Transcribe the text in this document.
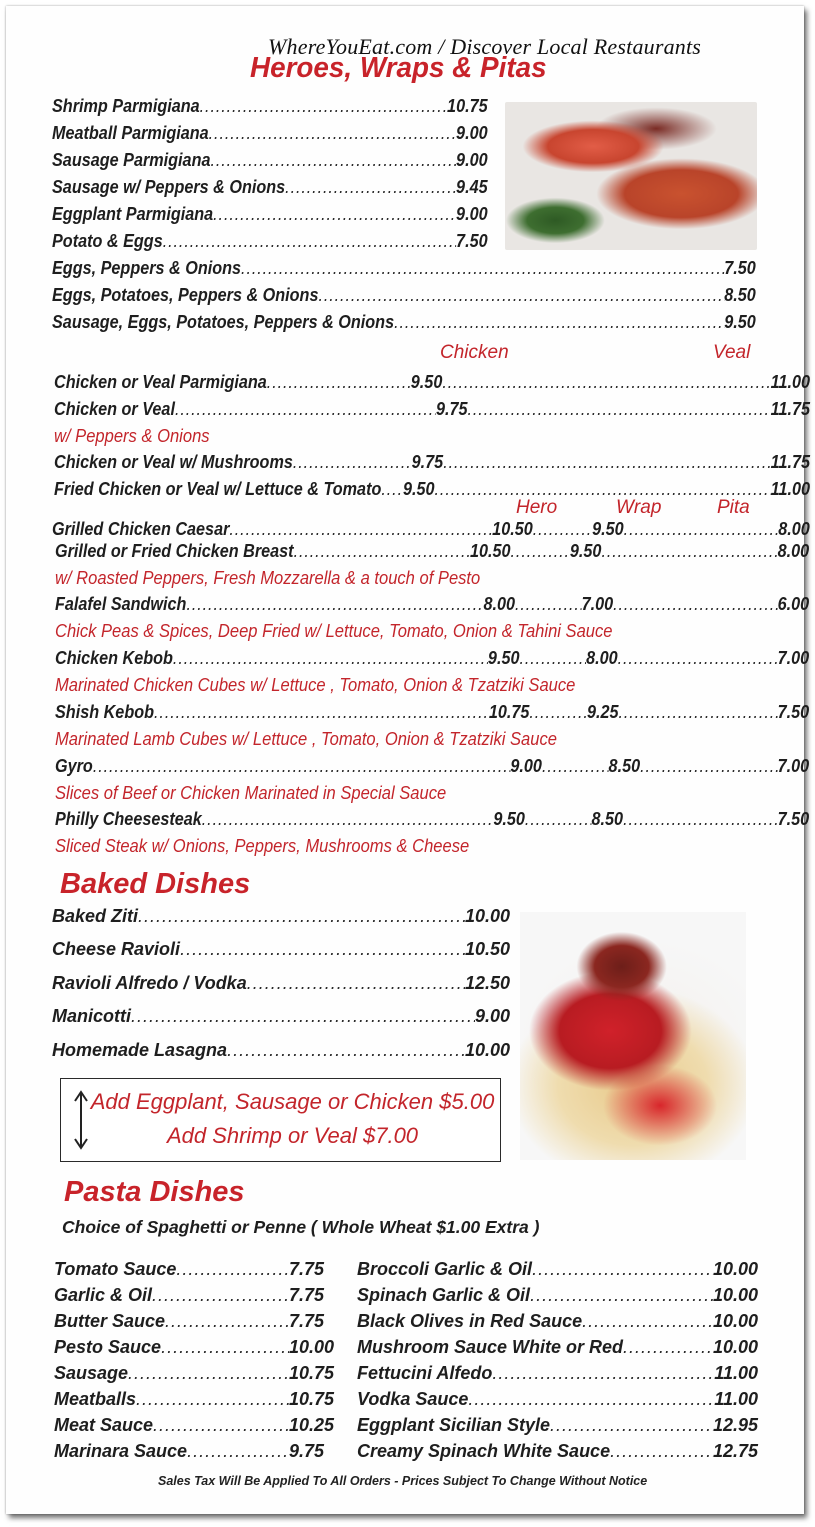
WhereYouEat.com / Discover Local Restaurants
Heroes, Wraps & Pitas
Shrimp Parmigiana .....	10.75
Meatball Parmigiana .....	9.00
Sausage Parmigiana .....	9.00
Sausage w/ Peppers & Onions .....	9.45
Eggplant Parmigiana .....	9.00
Potato & Eggs .....	7.50
Eggs, Peppers & Onions .....	7.50
Eggs, Potatoes, Peppers & Onions .....	8.50
Sausage, Eggs, Potatoes, Peppers & Onions .....	9.50
Chicken	Veal
Chicken or Veal Parmigiana .....	9.50 .....	11.00
Chicken or Veal .....	9.75 .....	11.75
w/ Peppers & Onions
Chicken or Veal w/ Mushrooms .....	9.75 .....	11.75
Fried Chicken or Veal w/ Lettuce & Tomato ..... 9.50 .....	11.00
Hero	Wrap	Pita
Grilled Chicken Caesar .....	10.50 .....	9.50 .....	8.00
Grilled or Fried Chicken Breast .....	10.50 .....	9.50 .....	8.00
w/ Roasted Peppers, Fresh Mozzarella & a touch of Pesto
Falafel Sandwich .....	8.00 .....	7.00 .....	6.00
Chick Peas & Spices, Deep Fried w/ Lettuce, Tomato, Onion & Tahini Sauce
Chicken Kebob .....	9.50 .....	8.00 .....	7.00
Marinated Chicken Cubes w/ Lettuce , Tomato, Onion & Tzatziki Sauce
Shish Kebob .....	10.75 .....	9.25 .....	7.50
Marinated Lamb Cubes w/ Lettuce , Tomato, Onion & Tzatziki Sauce
Gyro .....	9.00 .....	8.50 .....	7.00
Slices of Beef or Chicken Marinated in Special Sauce
Philly Cheesesteak .....	9.50 .....	8.50 .....	7.50
Sliced Steak w/ Onions, Peppers, Mushrooms & Cheese
Baked Dishes
Baked Ziti .....	10.00
Cheese Ravioli .....	10.50
Ravioli Alfredo / Vodka .....	12.50
Manicotti .....	9.00
Homemade Lasagna .....	10.00
Add Eggplant, Sausage or Chicken $5.00
Add Shrimp or Veal $7.00
Pasta Dishes
Choice of Spaghetti or Penne ( Whole Wheat $1.00 Extra )
Tomato Sauce .....	7.75
Garlic & Oil .....	7.75
Butter Sauce .....	7.75
Pesto Sauce .....	10.00
Sausage .....	10.75
Meatballs .....	10.75
Meat Sauce .....	10.25
Marinara Sauce .....	9.75
Broccoli Garlic & Oil .....	10.00
Spinach Garlic & Oil .....	10.00
Black Olives in Red Sauce .....	10.00
Mushroom Sauce White or Red .....	10.00
Fettucini Alfedo .....	11.00
Vodka Sauce .....	11.00
Eggplant Sicilian Style .....	12.95
Creamy Spinach White Sauce .....	12.75
Sales Tax Will Be Applied To All Orders - Prices Subject To Change Without Notice
